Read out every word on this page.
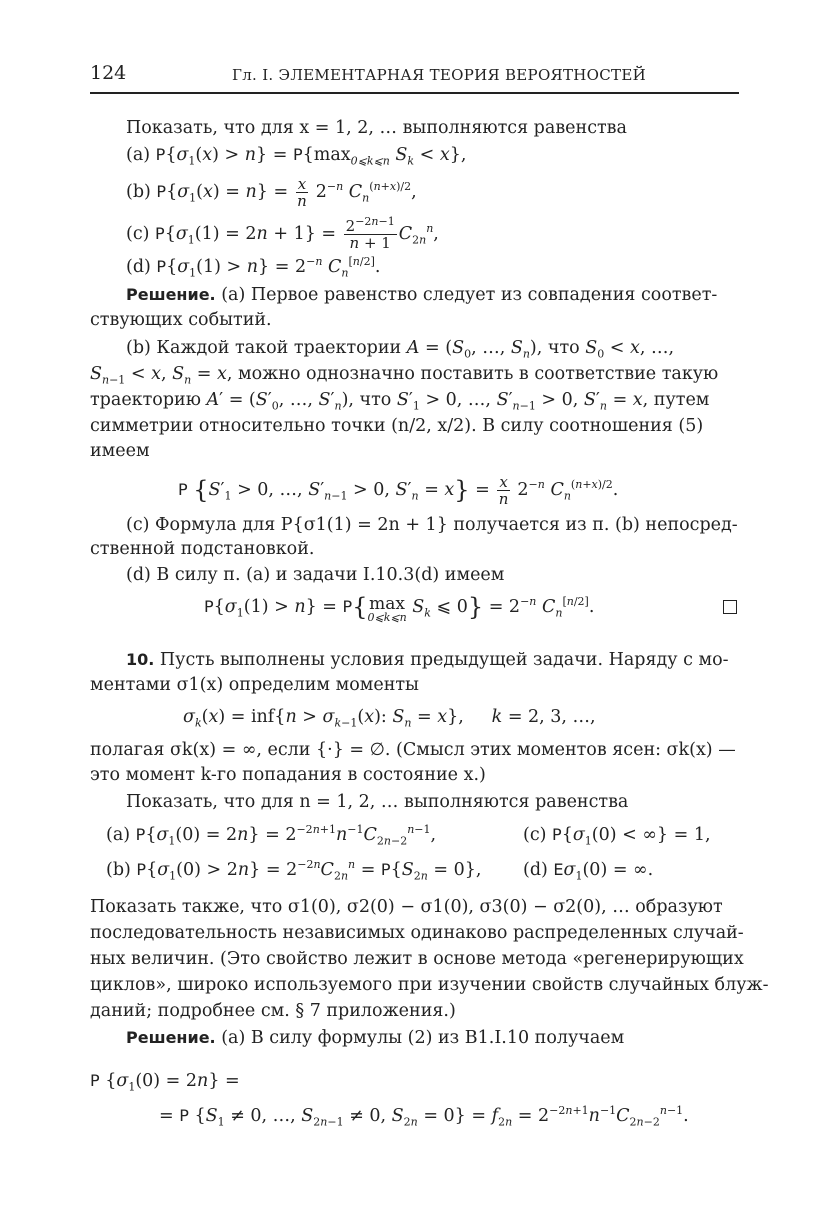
124	Гл. I. ЭЛЕМЕНТАРНАЯ ТЕОРИЯ ВЕРОЯТНОСТЕЙ
Показать, что для x = 1, 2, … выполняются равенства
(a) $P\{\sigma_1(x) > n\} = P\{\max_{0⩽k⩽n}$ $S_k < x$},
(b) $P\{\sigma_1(x) = n\} = \frac{x}{n} 2^{-n}$ $C_n^{(n+x)/2}$,
(c) $P\{\sigma_1(1) = 2n + 1\} = \frac{2^{-2n-1}}{n + 1} C_{2n}^n$,
(d) $P\{\sigma_1(1) > n\} = 2^{-n}$ $C_n[n/2]$.
Решение. (a) Первое равенство следует из совпадения соответ-
ствующих событий.
(b) Каждой такой траектории $A = (S_0$, …, $S_n$), что $S_0 < x$, …,
$S_{n-1} < x$, $S_n = x$, можно однозначно поставить в соответствие такую
траекторию $A' = (S'_0$, …, $S'_n$), что $S'_1 > 0$, …, $S'_{n-1} > 0$, $S'_n = x$, путем
симметрии относительно точки (n/2, x/2). В силу соотношения (5)
имеем
P {$S'_1 > 0$, …, $S'_{n-1} > 0$, $S'_n = x\} = \frac{x}{n} 2^{-n}$ $C_n^{(n+x)/2}$.
(c) Формула для P{σ1(1) = 2n + 1} получается из п. (b) непосред-
ственной подстановкой.
(d) В силу п. (a) и задачи I.10.3(d) имеем
$P\{\sigma_1(1) > n\} = P${ max
0⩽k⩽n
$S_k$ ⩽ $0\} = 2^{-n}$ $C_n[n/2]$.
10. Пусть выполнены условия предыдущей задачи. Наряду с мо-
ментами σ1(x) определим моменты
$\sigma_k(x) = inf\{n > \sigma_{k-1}(x)$: $S_n = x$},     k = 2, 3, …,
полагая σk(x) = ∞, если {·} = ∅. (Смысл этих моментов ясен: σk(x) —
это момент k-го попадания в состояние x.)
Показать, что для n = 1, 2, … выполняются равенства
(a) $P\{\sigma_1(0) = 2n\} = 2^{-2n+1}n^{-1}C_{2n-2}^{n-1}$,	(c) $P\{\sigma_1(0)$ < ∞} = 1,
(b) $P\{\sigma_1(0) > 2n\} = 2^{-2n}C_{2n}^n = P\{S_{2n} = 0\}$, (d) $E\sigma_1(0)$ = ∞.
Показать также, что σ1(0), σ2(0) − σ1(0), σ3(0) − σ2(0), … образуют
последовательность независимых одинаково распределенных случай-
ных величин. (Это свойство лежит в основе метода «регенерирующих
циклов», широко используемого при изучении свойств случайных блуж-
даний; подробнее см. § 7 приложения.)
Решение. (a) В силу формулы (2) из В1.I.10 получаем
P $\{\sigma_1(0) = 2n\}$ =
= P {$S_1 \ne 0$, …, $S_{2n-1} \ne 0$, $S_{2n} = 0\} = f_{2n} = 2^{-2n+1}n^{-1}C_{2n-2}^{n-1}$.
